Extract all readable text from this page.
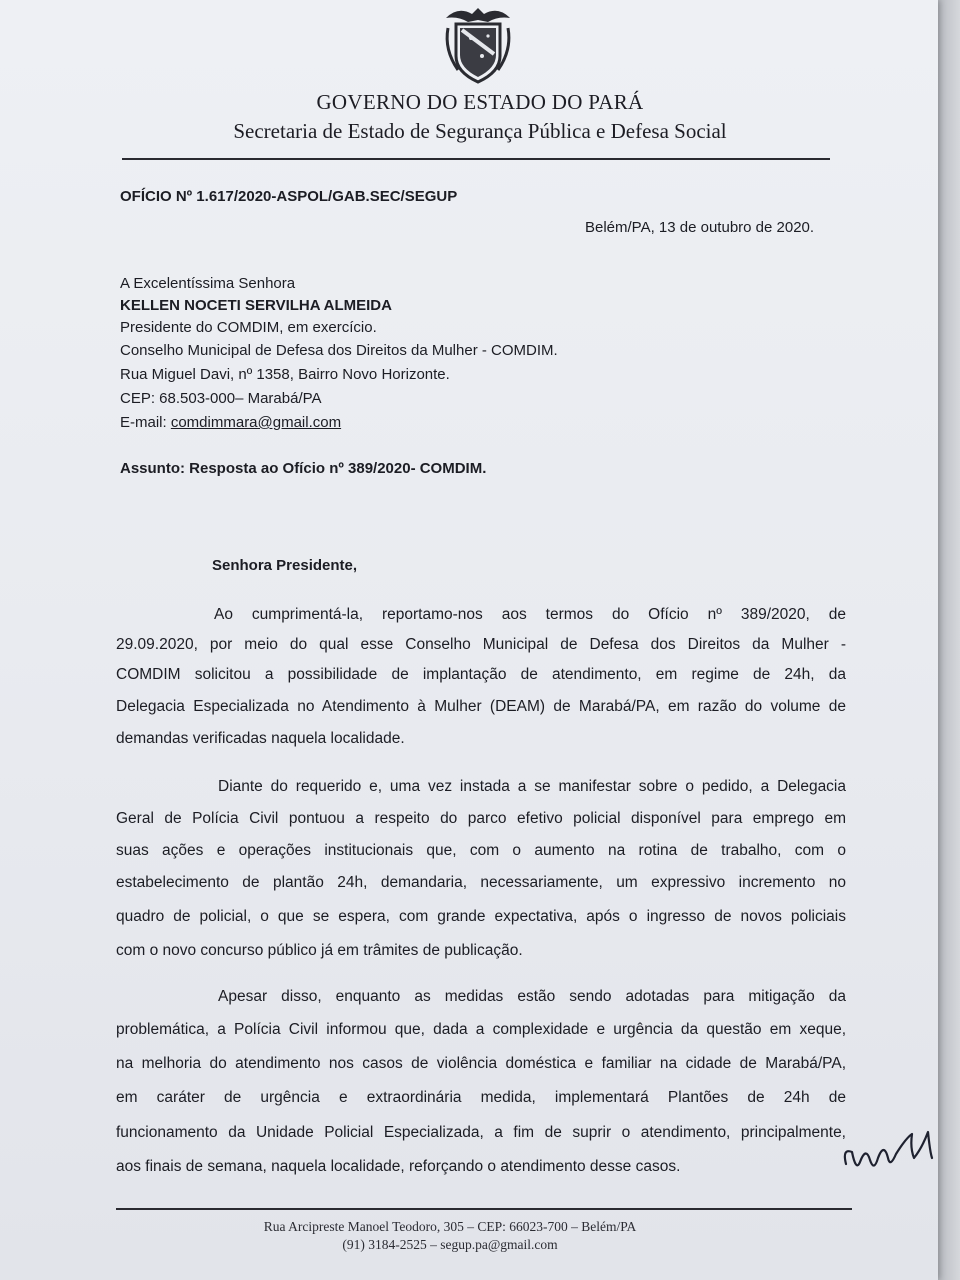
GOVERNO DO ESTADO DO PARÁ
Secretaria de Estado de Segurança Pública e Defesa Social
OFÍCIO Nº 1.617/2020-ASPOL/GAB.SEC/SEGUP
Belém/PA, 13 de outubro de 2020.
A Excelentíssima Senhora
KELLEN NOCETI SERVILHA ALMEIDA
Presidente do COMDIM, em exercício.
Conselho Municipal de Defesa dos Direitos da Mulher - COMDIM.
Rua Miguel Davi, nº 1358, Bairro Novo Horizonte.
CEP: 68.503-000– Marabá/PA
E-mail: comdimmara@gmail.com
Assunto: Resposta ao Ofício nº 389/2020- COMDIM.
Senhora Presidente,
Ao cumprimentá-la, reportamo-nos aos termos do Ofício nº 389/2020, de
29.09.2020, por meio do qual esse Conselho Municipal de Defesa dos Direitos da Mulher -
COMDIM solicitou a possibilidade de implantação de atendimento, em regime de 24h, da
Delegacia Especializada no Atendimento à Mulher (DEAM) de Marabá/PA, em razão do volume de
demandas verificadas naquela localidade.
Diante do requerido e, uma vez instada a se manifestar sobre o pedido, a Delegacia
Geral de Polícia Civil pontuou a respeito do parco efetivo policial disponível para emprego em
suas ações e operações institucionais que, com o aumento na rotina de trabalho, com o
estabelecimento de plantão 24h, demandaria, necessariamente, um expressivo incremento no
quadro de policial, o que se espera, com grande expectativa, após o ingresso de novos policiais
com o novo concurso público já em trâmites de publicação.
Apesar disso, enquanto as medidas estão sendo adotadas para mitigação da
problemática, a Polícia Civil informou que, dada a complexidade e urgência da questão em xeque,
na melhoria do atendimento nos casos de violência doméstica e familiar na cidade de Marabá/PA,
em caráter de urgência e extraordinária medida, implementará Plantões de 24h de
funcionamento da Unidade Policial Especializada, a fim de suprir o atendimento, principalmente,
aos finais de semana, naquela localidade, reforçando o atendimento desse casos.
Rua Arcipreste Manoel Teodoro, 305 – CEP: 66023-700 – Belém/PA
(91) 3184-2525 – segup.pa@gmail.com
